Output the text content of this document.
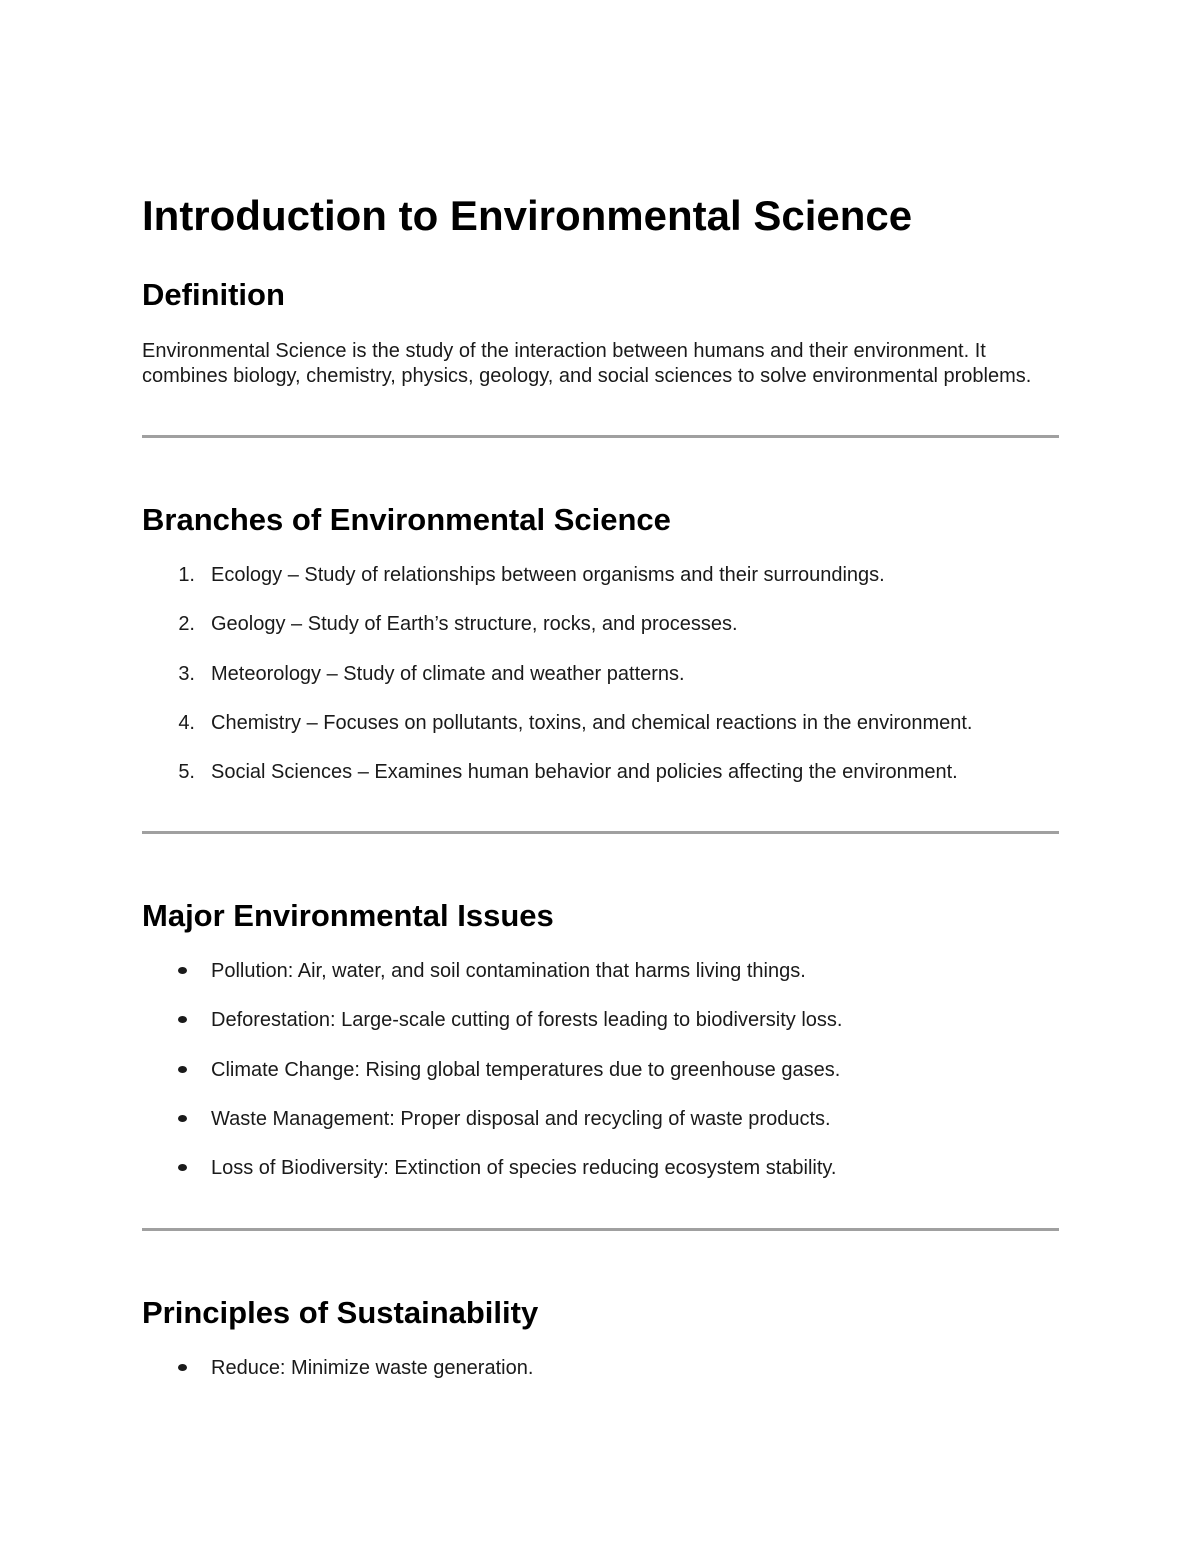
Introduction to Environmental Science
Definition

Environmental Science is the study of the interaction between humans and their environment. It combines biology, chemistry, physics, geology, and social sciences to solve environmental problems.

Branches of Environmental Science
1. Ecology – Study of relationships between organisms and their surroundings.
2. Geology – Study of Earth’s structure, rocks, and processes.
3. Meteorology – Study of climate and weather patterns.
4. Chemistry – Focuses on pollutants, toxins, and chemical reactions in the environment.
5. Social Sciences – Examines human behavior and policies affecting the environment.
Major Environmental Issues
Pollution: Air, water, and soil contamination that harms living things.
Deforestation: Large-scale cutting of forests leading to biodiversity loss.
Climate Change: Rising global temperatures due to greenhouse gases.
Waste Management: Proper disposal and recycling of waste products.
Loss of Biodiversity: Extinction of species reducing ecosystem stability.
Principles of Sustainability
Reduce: Minimize waste generation.
